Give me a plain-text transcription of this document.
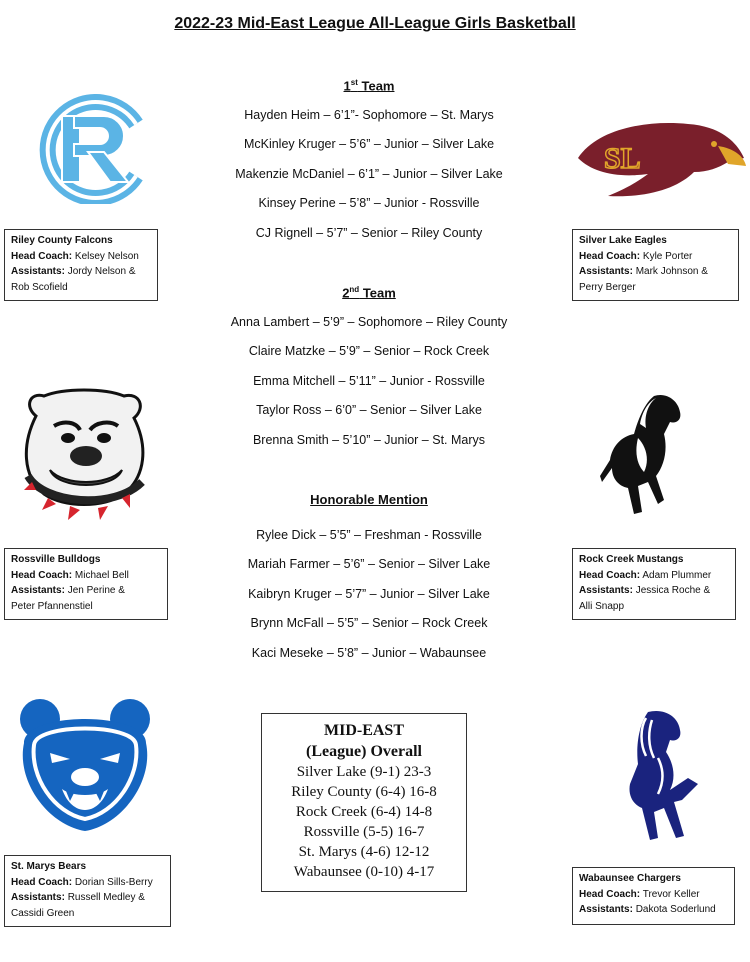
2022-23 Mid-East League All-League Girls Basketball
1st Team
Hayden Heim – 6’1”- Sophomore – St. Marys
McKinley Kruger – 5’6” – Junior – Silver Lake
Makenzie McDaniel – 6’1” – Junior – Silver Lake
Kinsey Perine – 5’8” – Junior - Rossville
CJ Rignell – 5’7” – Senior – Riley County
2nd Team
Anna Lambert – 5’9” – Sophomore – Riley County
Claire Matzke – 5’9” – Senior – Rock Creek
Emma Mitchell – 5’11” – Junior - Rossville
Taylor Ross – 6’0” – Senior – Silver Lake
Brenna Smith – 5’10” – Junior – St. Marys
Honorable Mention
Rylee Dick – 5’5” – Freshman - Rossville
Mariah Farmer – 5’6” – Senior – Silver Lake
Kaibryn Kruger – 5’7” – Junior – Silver Lake
Brynn McFall – 5’5” – Senior – Rock Creek
Kaci Meseke – 5’8” – Junior – Wabaunsee
SL
Riley County Falcons
Head Coach: Kelsey Nelson
Assistants: Jordy Nelson &
Rob Scofield
Silver Lake Eagles
Head Coach: Kyle Porter
Assistants: Mark Johnson &
Perry Berger
Rossville Bulldogs
Head Coach: Michael Bell
Assistants: Jen Perine &
Peter Pfannenstiel
Rock Creek Mustangs
Head Coach: Adam Plummer
Assistants: Jessica Roche &
Alli Snapp
St. Marys Bears
Head Coach: Dorian Sills-Berry
Assistants: Russell Medley &
Cassidi Green
Wabaunsee Chargers
Head Coach: Trevor Keller
Assistants: Dakota Soderlund
MID-EAST
(League) Overall
Silver Lake (9-1) 23-3
Riley County (6-4) 16-8
Rock Creek (6-4) 14-8
Rossville (5-5) 16-7
St. Marys (4-6) 12-12
Wabaunsee (0-10) 4-17
